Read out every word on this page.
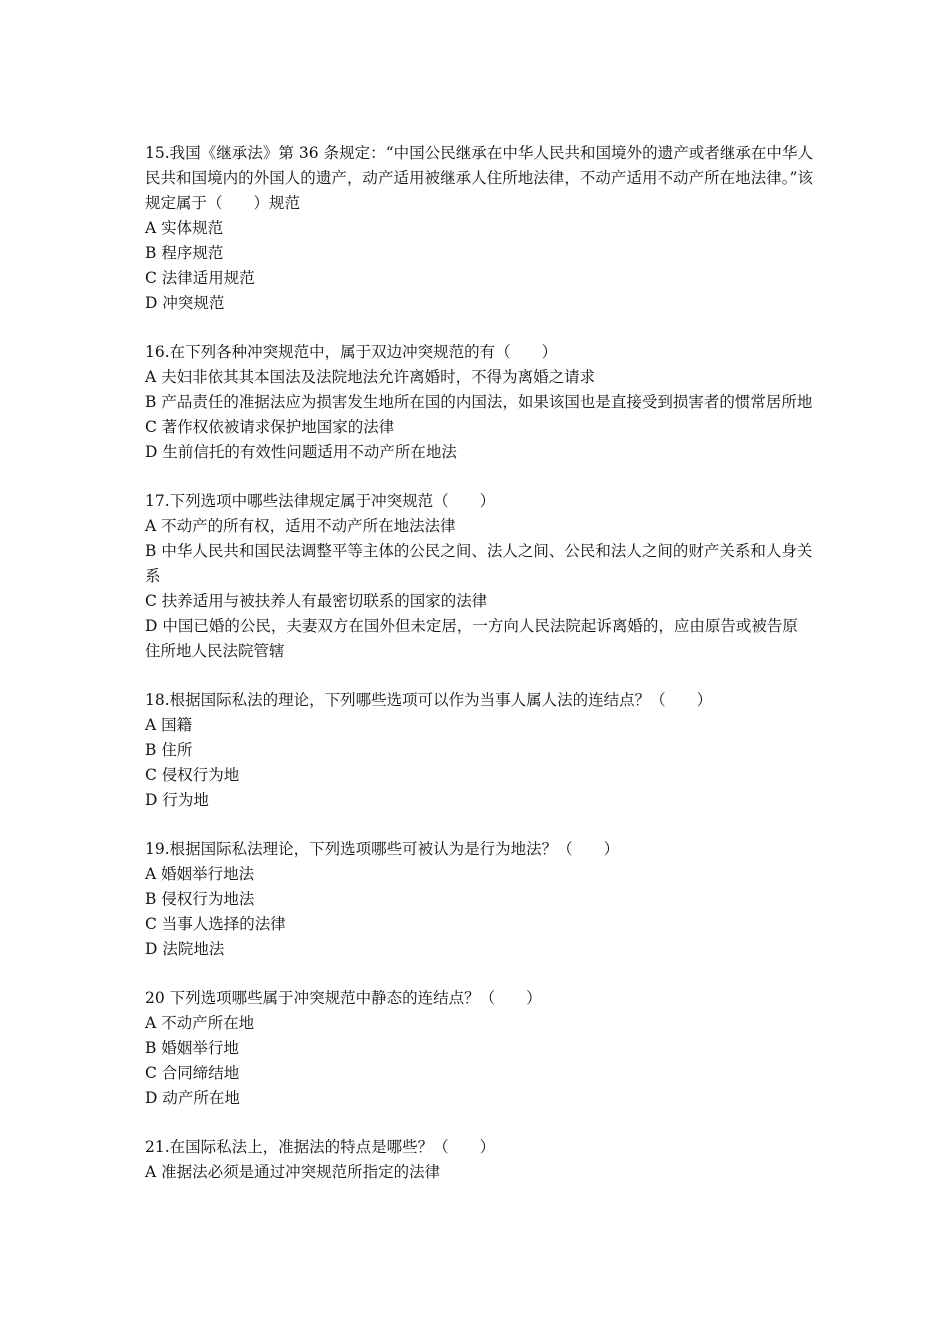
15.我国《继承法》第 36 条规定：“中国公民继承在中华人民共和国境外的遗产或者继承在中华人民共和国境内的外国人的遗产，动产适用被继承人住所地法律，不动产适用不动产所在地法律。”该规定属于（　　）规范
A 实体规范
B 程序规范
C 法律适用规范
D 冲突规范
16.在下列各种冲突规范中，属于双边冲突规范的有（　　）
A 夫妇非依其其本国法及法院地法允许离婚时，不得为离婚之请求
B 产品责任的准据法应为损害发生地所在国的内国法，如果该国也是直接受到损害者的惯常居所地
C 著作权依被请求保护地国家的法律
D 生前信托的有效性问题适用不动产所在地法
17.下列选项中哪些法律规定属于冲突规范（　　）
A 不动产的所有权，适用不动产所在地法法律
B 中华人民共和国民法调整平等主体的公民之间、法人之间、公民和法人之间的财产关系和人身关系
C 扶养适用与被扶养人有最密切联系的国家的法律
D 中国已婚的公民，夫妻双方在国外但未定居，一方向人民法院起诉离婚的，应由原告或被告原住所地人民法院管辖
18.根据国际私法的理论，下列哪些选项可以作为当事人属人法的连结点？（　　）
A 国籍
B 住所
C 侵权行为地
D 行为地
19.根据国际私法理论，下列选项哪些可被认为是行为地法？（　　）
A 婚姻举行地法
B 侵权行为地法
C 当事人选择的法律
D 法院地法
20 下列选项哪些属于冲突规范中静态的连结点？（　　）
A 不动产所在地
B 婚姻举行地
C 合同缔结地
D 动产所在地
21.在国际私法上，准据法的特点是哪些？（　　）
A 准据法必须是通过冲突规范所指定的法律
